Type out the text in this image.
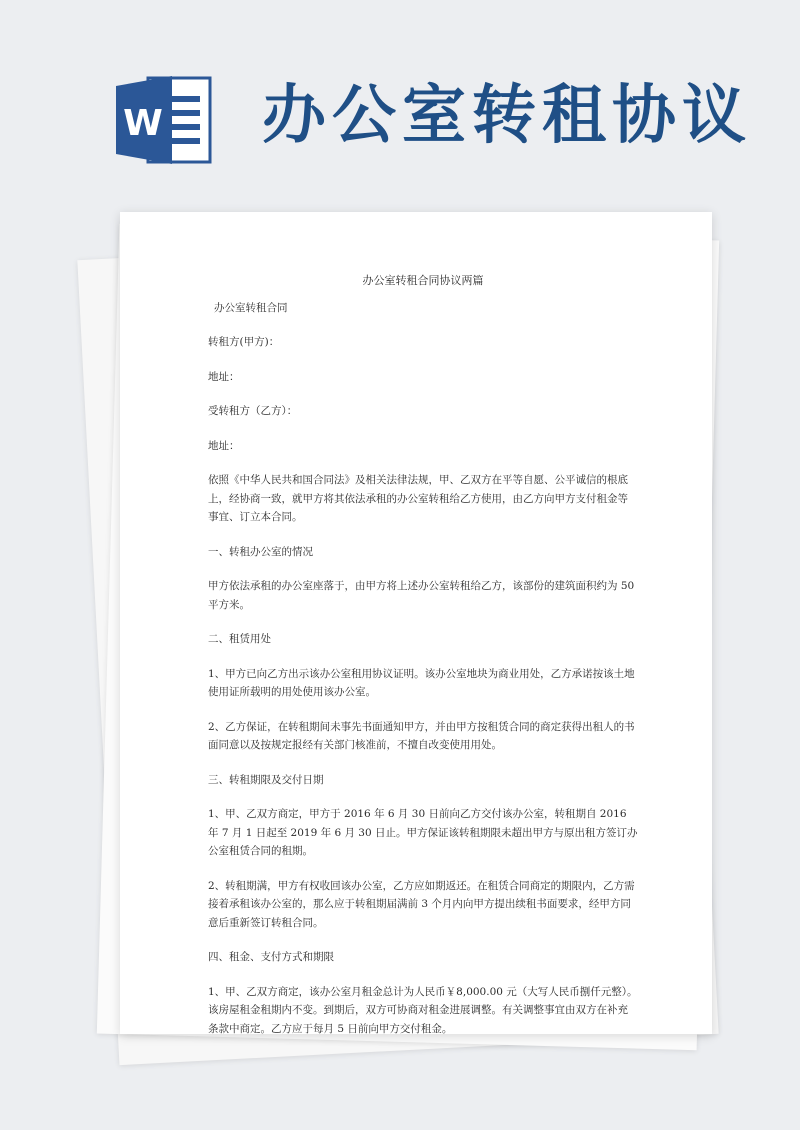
W 办公室转租协议

办公室转租合同协议两篇

办公室转租合同

转租方(甲方)：

地址：

受转租方（乙方）：

地址：

依照《中华人民共和国合同法》及相关法律法规，甲、乙双方在平等自愿、公平诚信的根底上，经协商一致，就甲方将其依法承租的办公室转租给乙方使用，由乙方向甲方支付租金等　事宜、订立本合同。

一、转租办公室的情况

甲方依法承租的办公室座落于，由甲方将上述办公室转租给乙方，该部份的建筑面积约为 50 平方米。

二、租赁用处

1、甲方已向乙方出示该办公室租用协议证明。该办公室地块为商业用处，乙方承诺按该土地使用证所载明的用处使用该办公室。

2、乙方保证，在转租期间未事先书面通知甲方，并由甲方按租赁合同的商定获得出租人的书面同意以及按规定报经有关部门核准前，不擅自改变使用用处。

三、转租期限及交付日期

1、甲、乙双方商定，甲方于 2016 年 6 月 30 日前向乙方交付该办公室，转租期自 2016 年 7 月 1 日起至 2019 年 6 月 30 日止。甲方保证该转租期限未超出甲方与原出租方签订办公室租赁合同的租期。

2、转租期满，甲方有权收回该办公室，乙方应如期返还。在租赁合同商定的期限内，乙方需接着承租该办公室的，那么应于转租期届满前 3 个月内向甲方提出续租书面要求，经甲方同意后重新签订转租合同。

四、租金、支付方式和期限

1、甲、乙双方商定，该办公室月租金总计为人民币￥8,000.00 元（大写人民币捌仟元整）。该房屋租金租期内不变。到期后，双方可协商对租金进展调整。有关调整事宜由双方在补充 条款中商定。乙方应于每月 5 日前向甲方交付租金。
